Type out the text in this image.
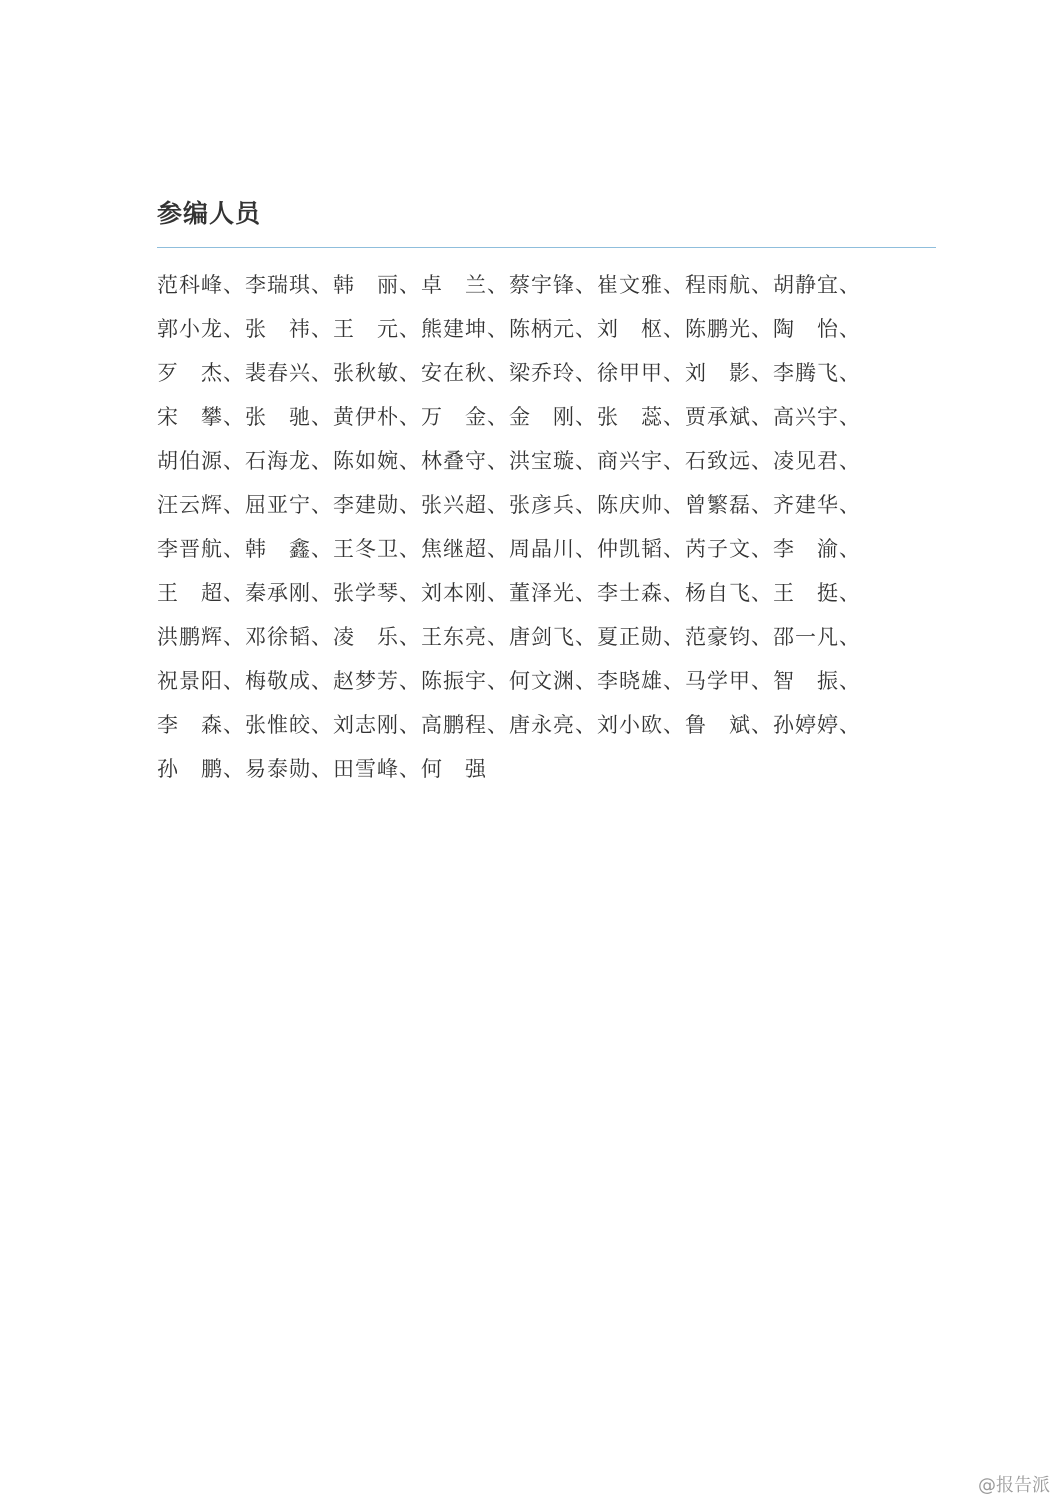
参编人员
范科峰、李瑞琪、韩　丽、卓　兰、蔡宇锋、崔文雅、程雨航、胡静宜、
郭小龙、张　祎、王　元、熊建坤、陈柄元、刘　枢、陈鹏光、陶　怡、
歹　杰、裴春兴、张秋敏、安在秋、梁乔玲、徐甲甲、刘　影、李腾飞、
宋　攀、张　驰、黄伊朴、万　金、金　刚、张　蕊、贾承斌、高兴宇、
胡伯源、石海龙、陈如婉、林叠守、洪宝璇、商兴宇、石致远、凌见君、
汪云辉、屈亚宁、李建勋、张兴超、张彦兵、陈庆帅、曾繁磊、齐建华、
李晋航、韩　鑫、王冬卫、焦继超、周晶川、仲凯韬、芮子文、李　渝、
王　超、秦承刚、张学琴、刘本刚、董泽光、李士森、杨自飞、王　挺、
洪鹏辉、邓徐韬、凌　乐、王东亮、唐剑飞、夏正勋、范豪钧、邵一凡、
祝景阳、梅敬成、赵梦芳、陈振宇、何文渊、李晓雄、马学甲、智　振、
李　森、张惟皎、刘志刚、高鹏程、唐永亮、刘小欧、鲁　斌、孙婷婷、
孙　鹏、易泰勋、田雪峰、何　强
@报告派
